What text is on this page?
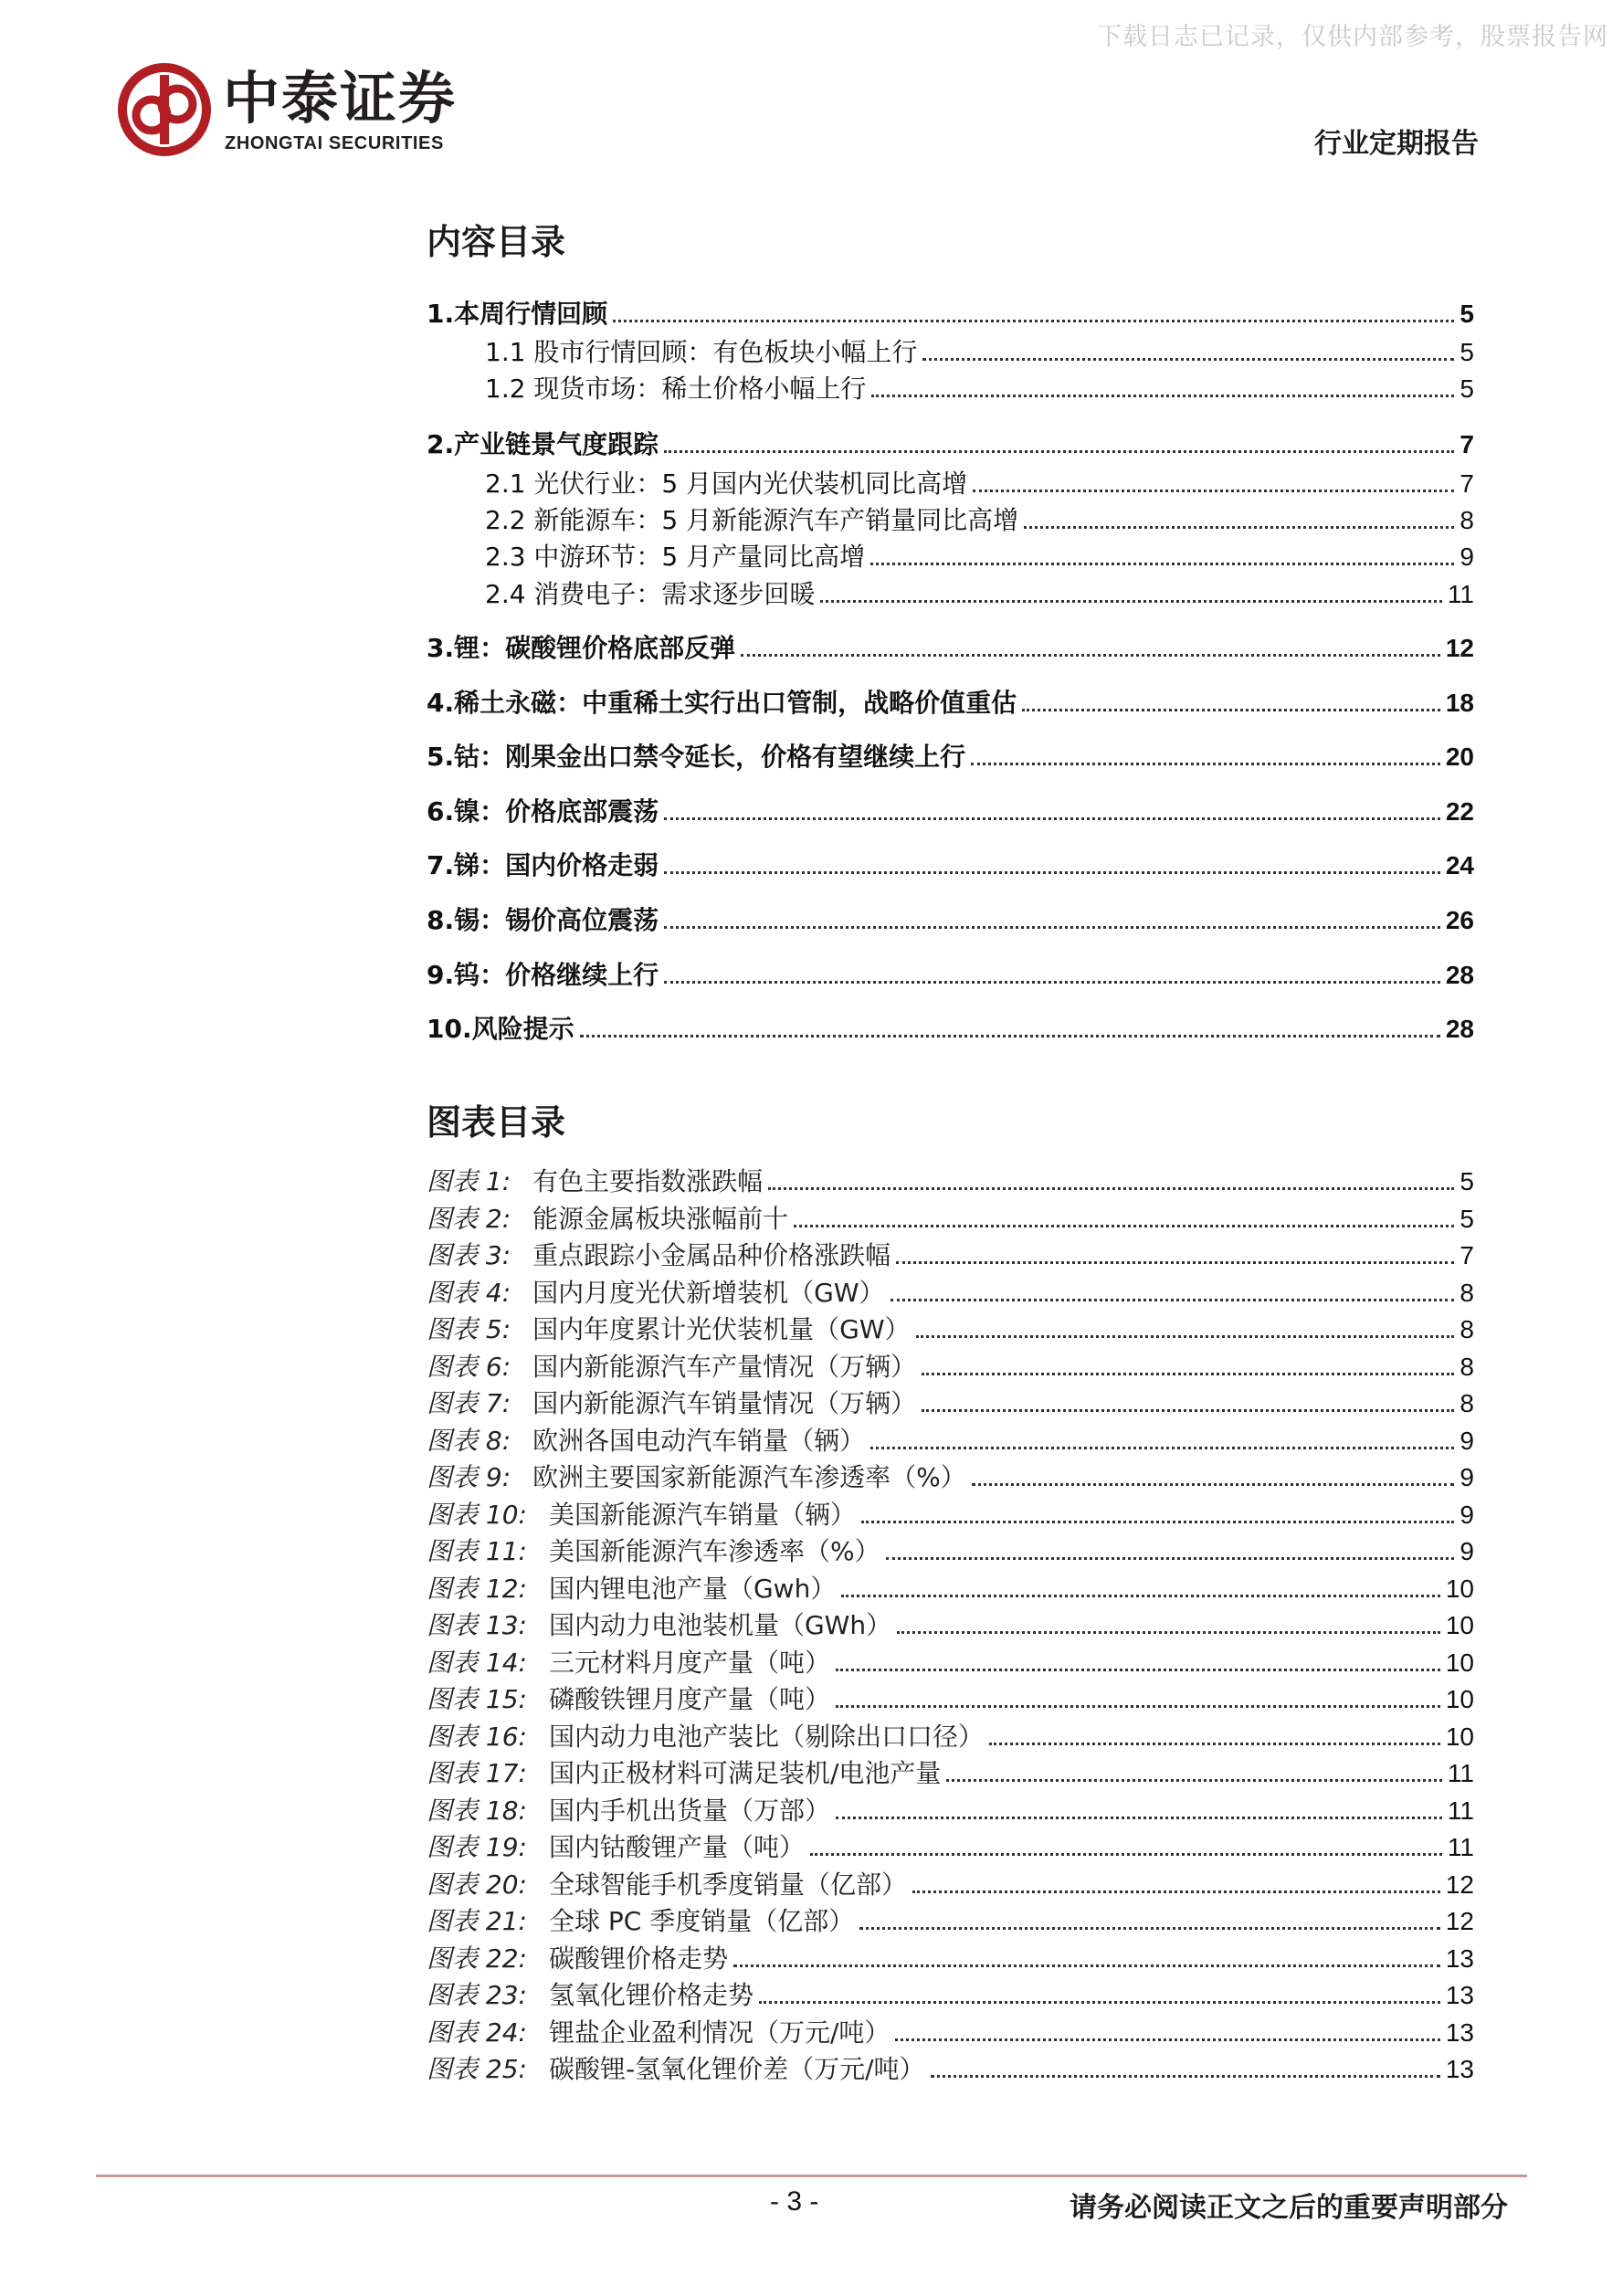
下载日志已记录，仅供内部参考，股票报告网
中泰证券
ZHONGTAI SECURITIES	行业定期报告
内容目录
1.本周行情回顾	5
1.1 股市行情回顾：有色板块小幅上行	5
1.2 现货市场：稀土价格小幅上行	5
2.产业链景气度跟踪	7
2.1 光伏行业：5 月国内光伏装机同比高增	7
2.2 新能源车：5 月新能源汽车产销量同比高增	8
2.3 中游环节：5 月产量同比高增	9
2.4 消费电子：需求逐步回暖	11
3.锂：碳酸锂价格底部反弹	12
4.稀土永磁：中重稀土实行出口管制，战略价值重估	18
5.钴：刚果金出口禁令延长，价格有望继续上行	20
6.镍：价格底部震荡	22
7.锑：国内价格走弱	24
8.锡：锡价高位震荡	26
9.钨：价格继续上行	28
10.风险提示	28
图表目录
图表 1: 有色主要指数涨跌幅	5
图表 2: 能源金属板块涨幅前十	5
图表 3: 重点跟踪小金属品种价格涨跌幅	7
图表 4: 国内月度光伏新增装机（GW）	8
图表 5: 国内年度累计光伏装机量（GW）	8
图表 6: 国内新能源汽车产量情况（万辆）	8
图表 7: 国内新能源汽车销量情况（万辆）	8
图表 8: 欧洲各国电动汽车销量（辆）	9
图表 9: 欧洲主要国家新能源汽车渗透率（%）	9
图表 10: 美国新能源汽车销量（辆）	9
图表 11: 美国新能源汽车渗透率（%）	9
图表 12: 国内锂电池产量（Gwh）	10
图表 13: 国内动力电池装机量（GWh）	10
图表 14: 三元材料月度产量（吨）	10
图表 15: 磷酸铁锂月度产量（吨）	10
图表 16: 国内动力电池产装比（剔除出口口径）	10
图表 17: 国内正极材料可满足装机/电池产量	11
图表 18: 国内手机出货量（万部）	11
图表 19: 国内钴酸锂产量（吨）	11
图表 20: 全球智能手机季度销量（亿部）	12
图表 21: 全球 PC 季度销量（亿部）	12
图表 22: 碳酸锂价格走势	13
图表 23: 氢氧化锂价格走势	13
图表 24: 锂盐企业盈利情况（万元/吨）	13
图表 25: 碳酸锂-氢氧化锂价差（万元/吨）	13
- 3 -	请务必阅读正文之后的重要声明部分
